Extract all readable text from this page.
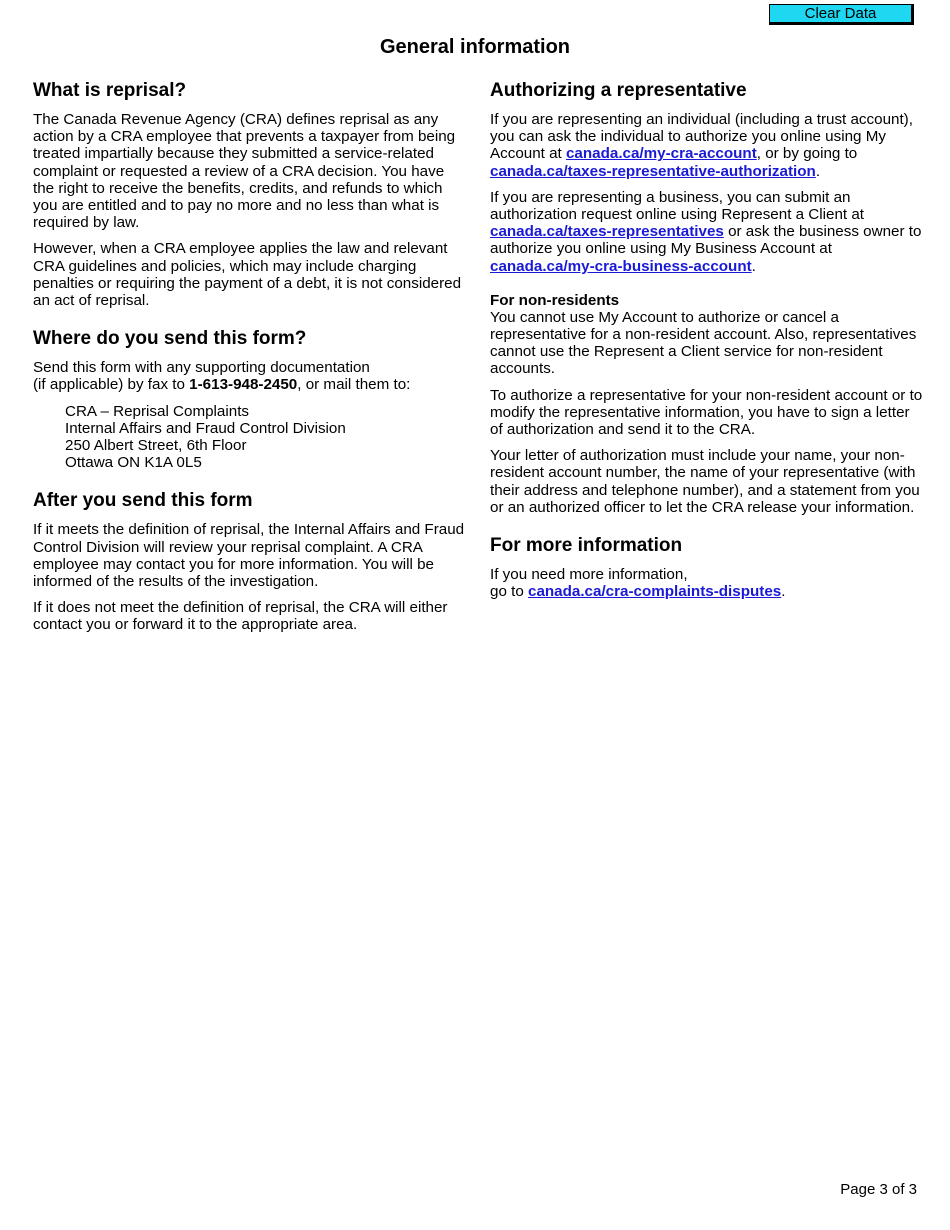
Clear Data
General information
What is reprisal?

The Canada Revenue Agency (CRA) defines reprisal as any action by a CRA employee that prevents a taxpayer from being treated impartially because they submitted a service-related complaint or requested a review of a CRA decision. You have the right to receive the benefits, credits, and refunds to which you are entitled and to pay no more and no less than what is required by law.

However, when a CRA employee applies the law and relevant CRA guidelines and policies, which may include charging penalties or requiring the payment of a debt, it is not considered an act of reprisal.

Where do you send this form?

Send this form with any supporting documentation
(if applicable) by fax to 1-613-948-2450, or mail them to:

CRA – Reprisal Complaints
Internal Affairs and Fraud Control Division
250 Albert Street, 6th Floor
Ottawa ON K1A 0L5
After you send this form

If it meets the definition of reprisal, the Internal Affairs and Fraud Control Division will review your reprisal complaint. A CRA employee may contact you for more information. You will be informed of the results of the investigation.

If it does not meet the definition of reprisal, the CRA will either contact you or forward it to the appropriate area.

Authorizing a representative

If you are representing an individual (including a trust account), you can ask the individual to authorize you online using My Account at canada.ca/my-cra-account, or by going to canada.ca/taxes-representative-authorization.

If you are representing a business, you can submit an authorization request online using Represent a Client at canada.ca/taxes-representatives or ask the business owner to authorize you online using My Business Account at canada.ca/my-cra-business-account.

For non-residents

You cannot use My Account to authorize or cancel a representative for a non-resident account. Also, representatives cannot use the Represent a Client service for non-resident accounts.

To authorize a representative for your non-resident account or to modify the representative information, you have to sign a letter of authorization and send it to the CRA.

Your letter of authorization must include your name, your non-resident account number, the name of your representative (with their address and telephone number), and a statement from you or an authorized officer to let the CRA release your information.

For more information

If you need more information,
go to canada.ca/cra-complaints-disputes.

Page 3 of 3
